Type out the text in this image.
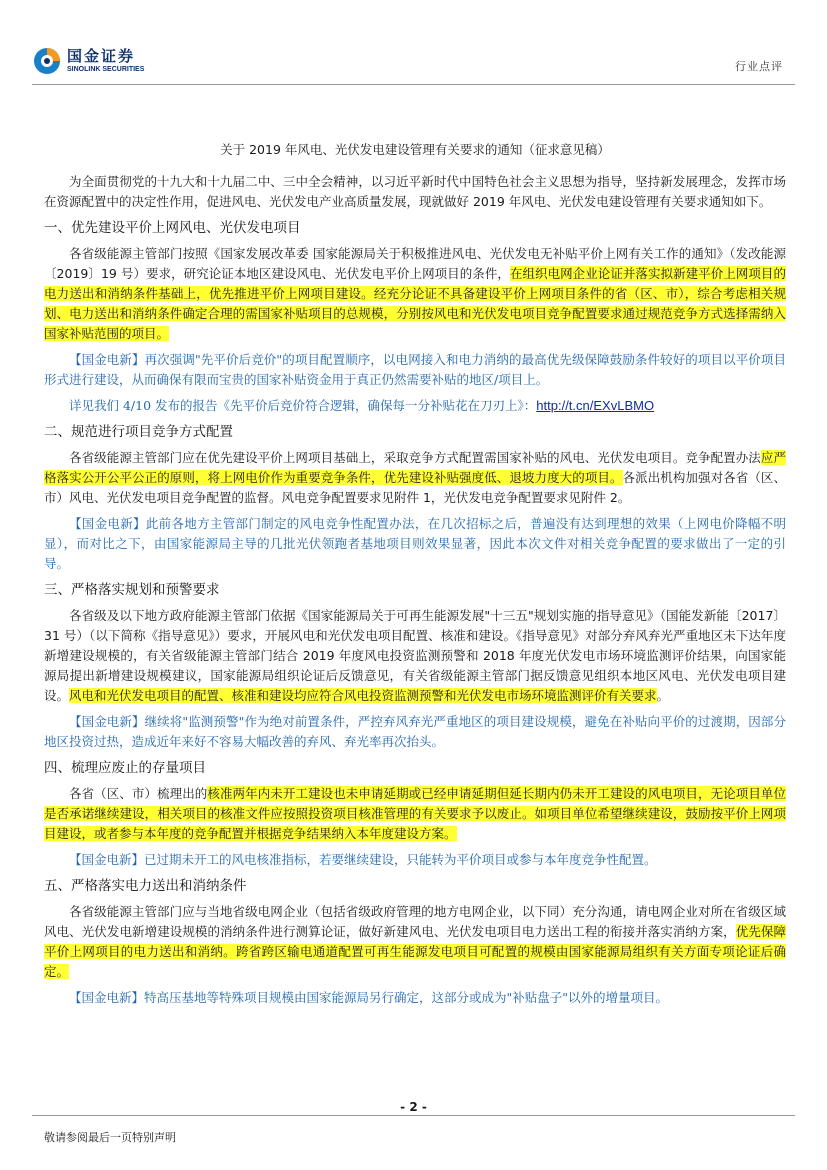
国金证券
SINOLINK SECURITIES	行业点评
关于 2019 年风电、光伏发电建设管理有关要求的通知（征求意见稿）

为全面贯彻党的十九大和十九届二中、三中全会精神，以习近平新时代中国特色社会主义思想为指导，坚持新发展理念，发挥市场在资源配置中的决定性作用，促进风电、光伏发电产业高质量发展，现就做好 2019 年风电、光伏发电建设管理有关要求通知如下。

一、优先建设平价上网风电、光伏发电项目

各省级能源主管部门按照《国家发展改革委 国家能源局关于积极推进风电、光伏发电无补贴平价上网有关工作的通知》（发改能源〔2019〕19 号）要求，研究论证本地区建设风电、光伏发电平价上网项目的条件，在组织电网企业论证并落实拟新建平价上网项目的电力送出和消纳条件基础上，优先推进平价上网项目建设。经充分论证不具备建设平价上网项目条件的省（区、市），综合考虑相关规划、电力送出和消纳条件确定合理的需国家补贴项目的总规模，分别按风电和光伏发电项目竞争配置要求通过规范竞争方式选择需纳入国家补贴范围的项目。

【国金电新】再次强调"先平价后竞价"的项目配置顺序，以电网接入和电力消纳的最高优先级保障鼓励条件较好的项目以平价项目形式进行建设，从而确保有限而宝贵的国家补贴资金用于真正仍然需要补贴的地区/项目上。

详见我们 4/10 发布的报告《先平价后竞价符合逻辑，确保每一分补贴花在刀刃上》：http://t.cn/EXvLBMO

二、规范进行项目竞争方式配置

各省级能源主管部门应在优先建设平价上网项目基础上，采取竞争方式配置需国家补贴的风电、光伏发电项目。竞争配置办法应严格落实公开公平公正的原则，将上网电价作为重要竞争条件，优先建设补贴强度低、退坡力度大的项目。各派出机构加强对各省（区、市）风电、光伏发电项目竞争配置的监督。风电竞争配置要求见附件 1，光伏发电竞争配置要求见附件 2。

【国金电新】此前各地方主管部门制定的风电竞争性配置办法，在几次招标之后，普遍没有达到理想的效果（上网电价降幅不明显），而对比之下，由国家能源局主导的几批光伏领跑者基地项目则效果显著，因此本次文件对相关竞争配置的要求做出了一定的引导。

三、严格落实规划和预警要求

各省级及以下地方政府能源主管部门依据《国家能源局关于可再生能源发展"十三五"规划实施的指导意见》（国能发新能〔2017〕31 号）（以下简称《指导意见》）要求，开展风电和光伏发电项目配置、核准和建设。《指导意见》对部分弃风弃光严重地区未下达年度新增建设规模的，有关省级能源主管部门结合 2019 年度风电投资监测预警和 2018 年度光伏发电市场环境监测评价结果，向国家能源局提出新增建设规模建议，国家能源局组织论证后反馈意见，有关省级能源主管部门据反馈意见组织本地区风电、光伏发电项目建设。风电和光伏发电项目的配置、核准和建设均应符合风电投资监测预警和光伏发电市场环境监测评价有关要求。

【国金电新】继续将"监测预警"作为绝对前置条件，严控弃风弃光严重地区的项目建设规模，避免在补贴向平价的过渡期，因部分地区投资过热，造成近年来好不容易大幅改善的弃风、弃光率再次抬头。

四、梳理应废止的存量项目

各省（区、市）梳理出的核准两年内未开工建设也未申请延期或已经申请延期但延长期内仍未开工建设的风电项目，无论项目单位是否承诺继续建设，相关项目的核准文件应按照投资项目核准管理的有关要求予以废止。如项目单位希望继续建设，鼓励按平价上网项目建设，或者参与本年度的竞争配置并根据竞争结果纳入本年度建设方案。

【国金电新】已过期未开工的风电核准指标，若要继续建设，只能转为平价项目或参与本年度竞争性配置。

五、严格落实电力送出和消纳条件

各省级能源主管部门应与当地省级电网企业（包括省级政府管理的地方电网企业，以下同）充分沟通，请电网企业对所在省级区域风电、光伏发电新增建设规模的消纳条件进行测算论证，做好新建风电、光伏发电项目电力送出工程的衔接并落实消纳方案，优先保障平价上网项目的电力送出和消纳。跨省跨区输电通道配置可再生能源发电项目可配置的规模由国家能源局组织有关方面专项论证后确定。

【国金电新】特高压基地等特殊项目规模由国家能源局另行确定，这部分或成为"补贴盘子"以外的增量项目。

- 2 -
敬请参阅最后一页特别声明
